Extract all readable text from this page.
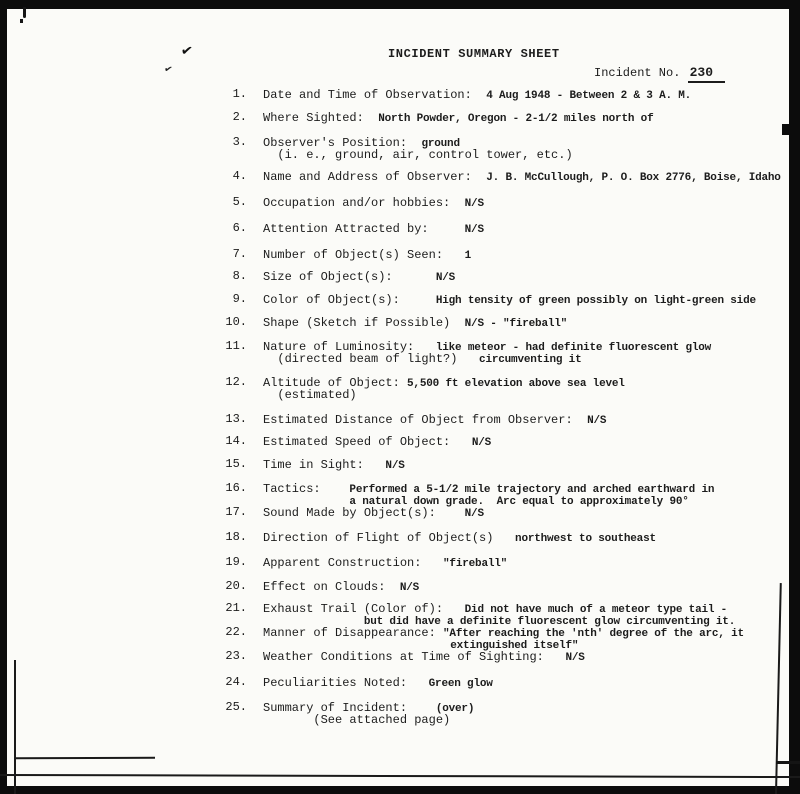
✔
✔
INCIDENT SUMMARY SHEET
Incident No. 230
1. Date and Time of Observation:  4 Aug 1948 - Between 2 & 3 A. M.
2. Where Sighted:  North Powder, Oregon - 2-1/2 miles north of
3. Observer's Position:  ground
(i. e., ground, air, control tower, etc.)
4. Name and Address of Observer:  J. B. McCullough, P. O. Box 2776, Boise, Idaho
5. Occupation and/or hobbies:  N/S
6. Attention Attracted by:     N/S
7. Number of Object(s) Seen:   1
8. Size of Object(s):      N/S
9. Color of Object(s):     High tensity of green possibly on light-green side
10. Shape (Sketch if Possible)  N/S - "fireball"
11. Nature of Luminosity:   like meteor - had definite fluorescent glow
(directed beam of light?)   circumventing it
12. Altitude of Object: 5,500 ft elevation above sea level
(estimated)
13. Estimated Distance of Object from Observer:  N/S
14. Estimated Speed of Object:   N/S
15. Time in Sight:   N/S
16. Tactics:    Performed a 5-1/2 mile trajectory and arched earthward in
a natural down grade.  Arc equal to approximately 90°
17. Sound Made by Object(s):    N/S
18. Direction of Flight of Object(s)   northwest to southeast
19. Apparent Construction:   "fireball"
20. Effect on Clouds:  N/S
21. Exhaust Trail (Color of):   Did not have much of a meteor type tail -
but did have a definite fluorescent glow circumventing it.
22. Manner of Disappearance: "After reaching the 'nth' degree of the arc, it
extinguished itself"
23. Weather Conditions at Time of Sighting:   N/S
24. Peculiarities Noted:   Green glow
25. Summary of Incident:    (over)
(See attached page)
